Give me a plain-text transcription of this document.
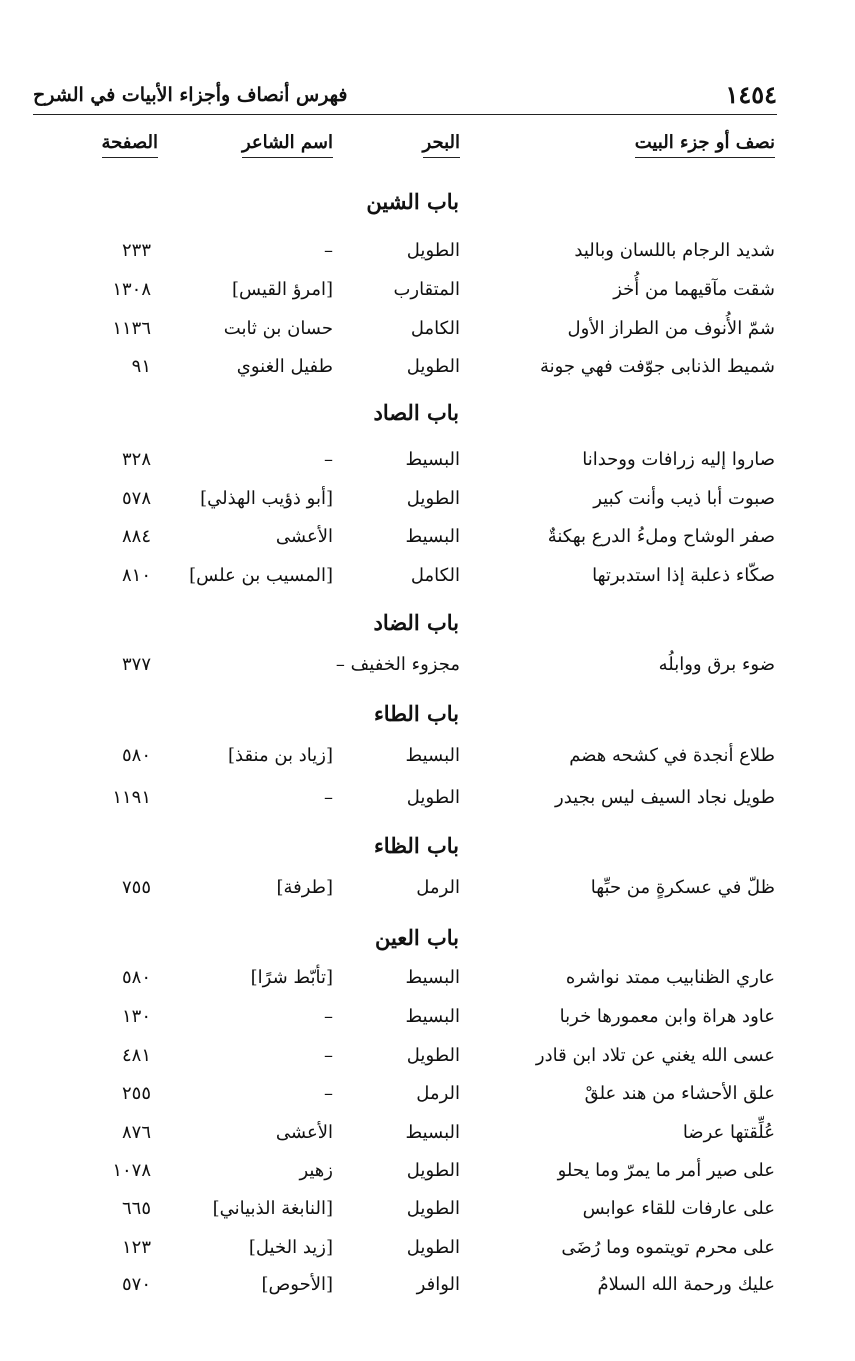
فهرس أنصاف وأجزاء الأبيات في الشرح	١٤٥٤
نصف أو جزء البيت
البحر
اسم الشاعر
الصفحة
باب الشين
شديد الرجام باللسان وباليد
الطويل
–
٢٣٣
شقت مآقيهما من أُخز
المتقارب
[امرؤ القيس]
١٣٠٨
شمّ الأُنوف من الطراز الأول
الكامل
حسان بن ثابت
١١٣٦
شميط الذنابى جوّفت فهي جونة
الطويل
طفيل الغنوي
٩١
باب الصاد
صاروا إليه زرافات ووحدانا
البسيط
–
٣٢٨
صبوت أبا ذيب وأنت كبير
الطويل
[أبو ذؤيب الهذلي]
٥٧٨
صفر الوشاح وملءُ الدرع بهكنةٌ
البسيط
الأعشى
٨٨٤
صكّاء ذعلبة إذا استدبرتها
الكامل
[المسيب بن علس]
٨١٠
باب الضاد
ضوء برق ووابلُه
مجزوء الخفيف –
٣٧٧
باب الطاء
طلاع أنجدة في كشحه هضم
البسيط
[زياد بن منقذ]
٥٨٠
طويل نجاد السيف ليس بجيدر
الطويل
–
١١٩١
باب الظاء
ظلّ في عسكرةٍ من حبِّها
الرمل
[طرفة]
٧٥٥
باب العين
عاري الظنابيب ممتد نواشره
البسيط
[تأبّط شرًا]
٥٨٠
عاود هراة وابن معمورها خربا
البسيط
–
١٣٠
عسى الله يغني عن تلاد ابن قادر
الطويل
–
٤٨١
علق الأحشاء من هند علقْ
الرمل
–
٢٥٥
عُلِّقتها عرضا
البسيط
الأعشى
٨٧٦
على صير أمر ما يمرّ وما يحلو
الطويل
زهير
١٠٧٨
على عارفات للقاء عوابس
الطويل
[النابغة الذبياني]
٦٦٥
على محرم تويتموه وما رُضَى
الطويل
[زيد الخيل]
١٢٣
عليك ورحمة الله السلامُ
الوافر
[الأحوص]
٥٧٠
